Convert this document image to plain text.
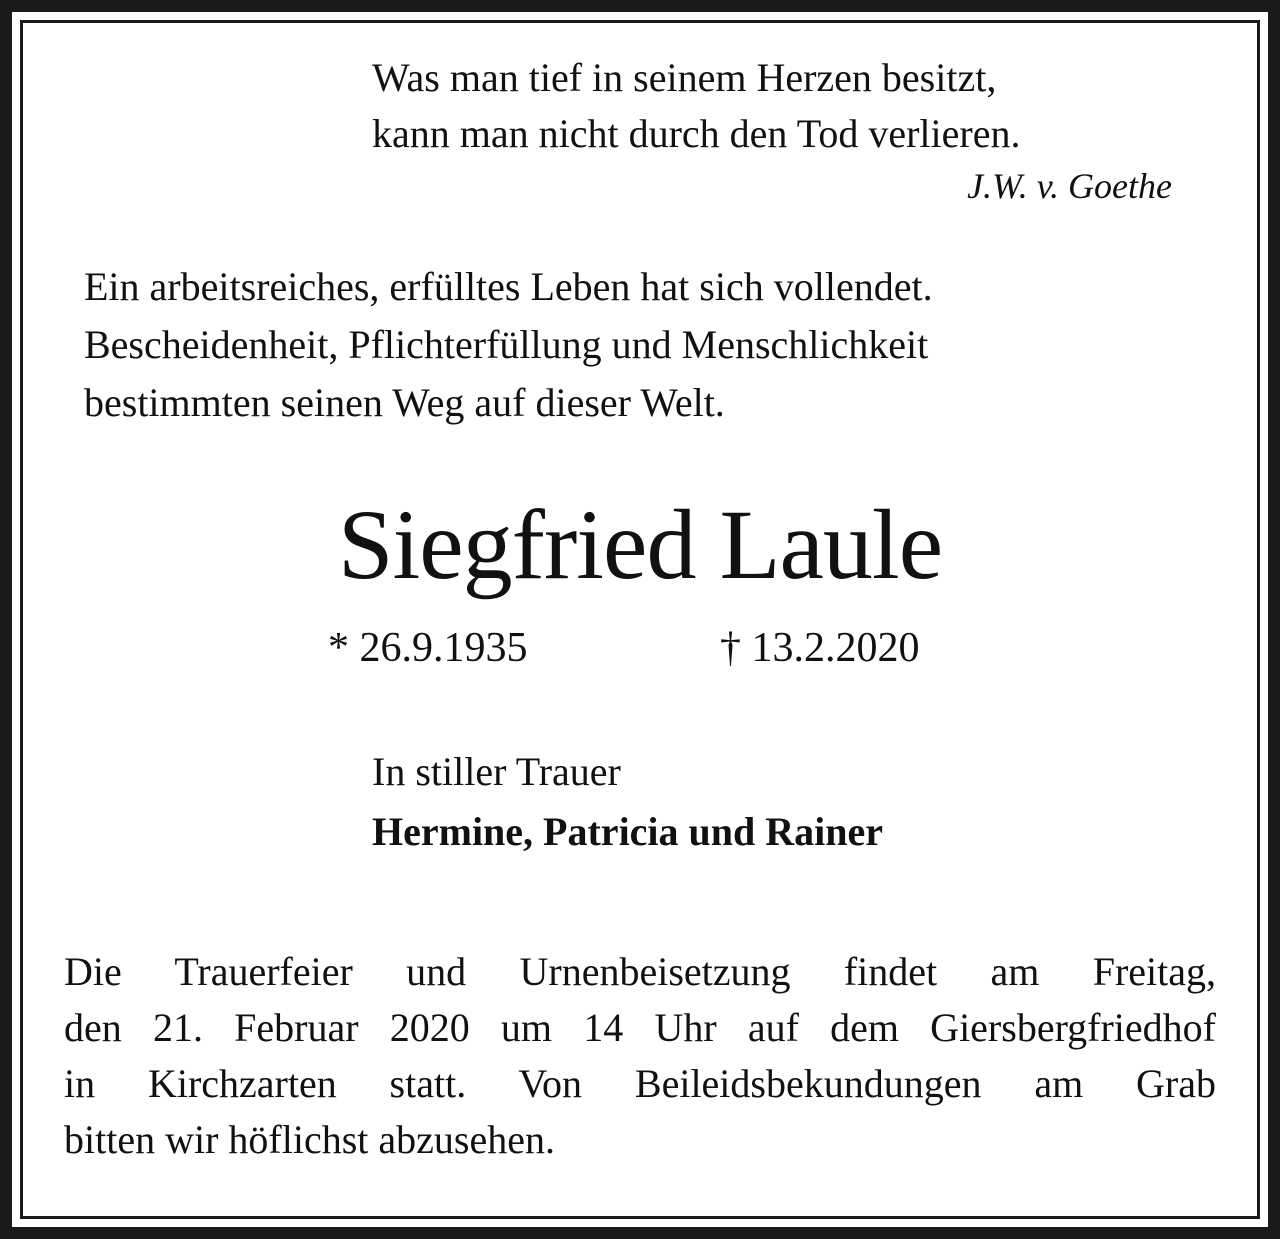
Was man tief in seinem Herzen besitzt,
kann man nicht durch den Tod verlieren.
J.W. v. Goethe
Ein arbeitsreiches, erfülltes Leben hat sich vollendet.
Bescheidenheit, Pflichterfüllung und Menschlichkeit
bestimmten seinen Weg auf dieser Welt.
Siegfried Laule
* 26.9.1935	† 13.2.2020
In stiller Trauer
Hermine, Patricia und Rainer
Die Trauerfeier und Urnenbeisetzung findet am Freitag,
den 21. Februar 2020 um 14 Uhr auf dem Giersbergfriedhof
in Kirchzarten statt. Von Beileidsbekundungen am Grab
bitten wir höflichst abzusehen.
